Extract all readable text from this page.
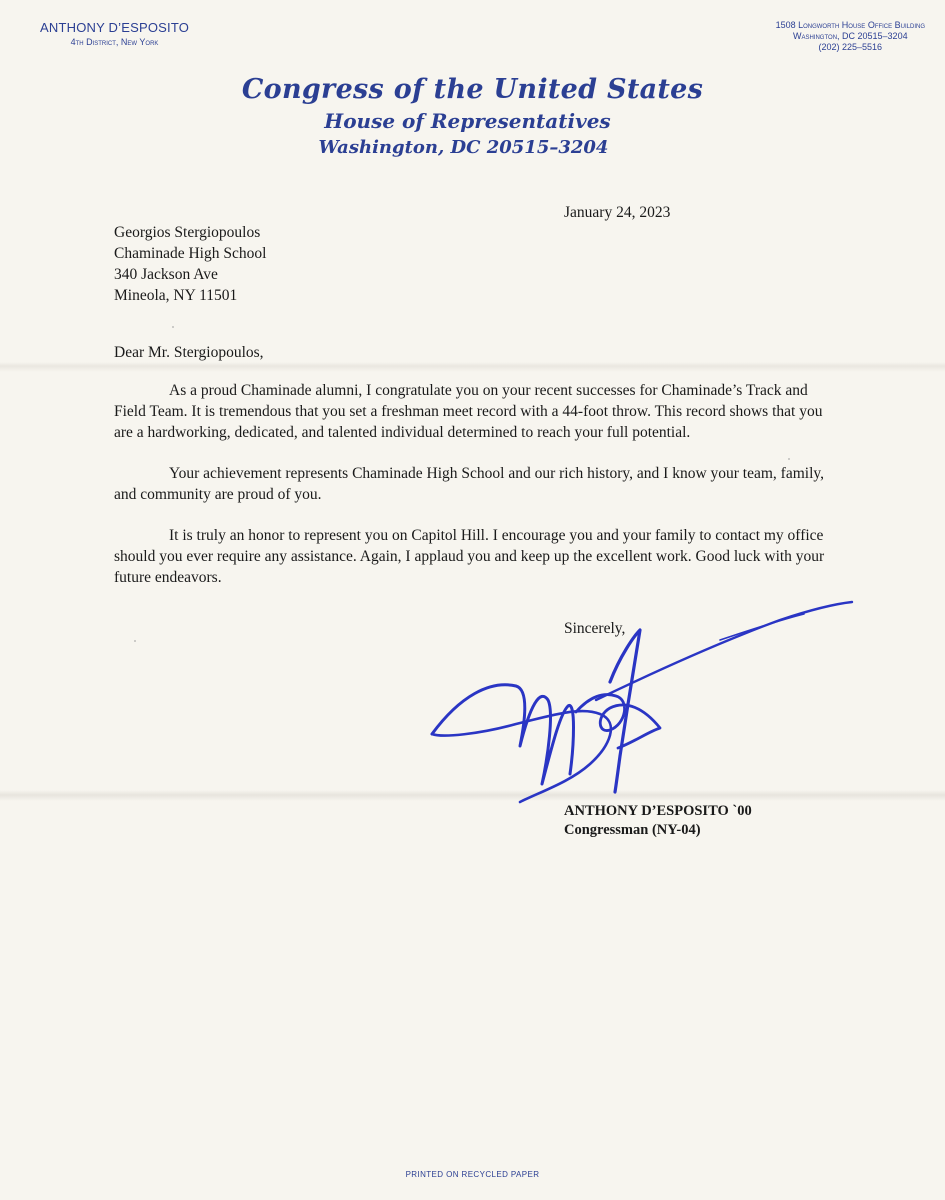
ANTHONY D’ESPOSITO
4th District, New York
1508 Longworth House Office Building
Washington, DC 20515–3204
(202) 225–5516
Congress of the United States
House of Representatives
Washington, DC 20515–3204
January 24, 2023
Georgios Stergiopoulos
Chaminade High School
340 Jackson Ave
Mineola, NY 11501
Dear Mr. Stergiopoulos,

As a proud Chaminade alumni, I congratulate you on your recent successes for Chaminade’s Track and Field Team. It is tremendous that you set a freshman meet record with a 44-foot throw. This record shows that you are a hardworking, dedicated, and talented individual determined to reach your full potential.

Your achievement represents Chaminade High School and our rich history, and I know your team, family, and community are proud of you.

It is truly an honor to represent you on Capitol Hill. I encourage you and your family to contact my office should you ever require any assistance. Again, I applaud you and keep up the excellent work. Good luck with your future endeavors.

Sincerely,
ANTHONY D’ESPOSITO `00
Congressman (NY-04)
PRINTED ON RECYCLED PAPER
